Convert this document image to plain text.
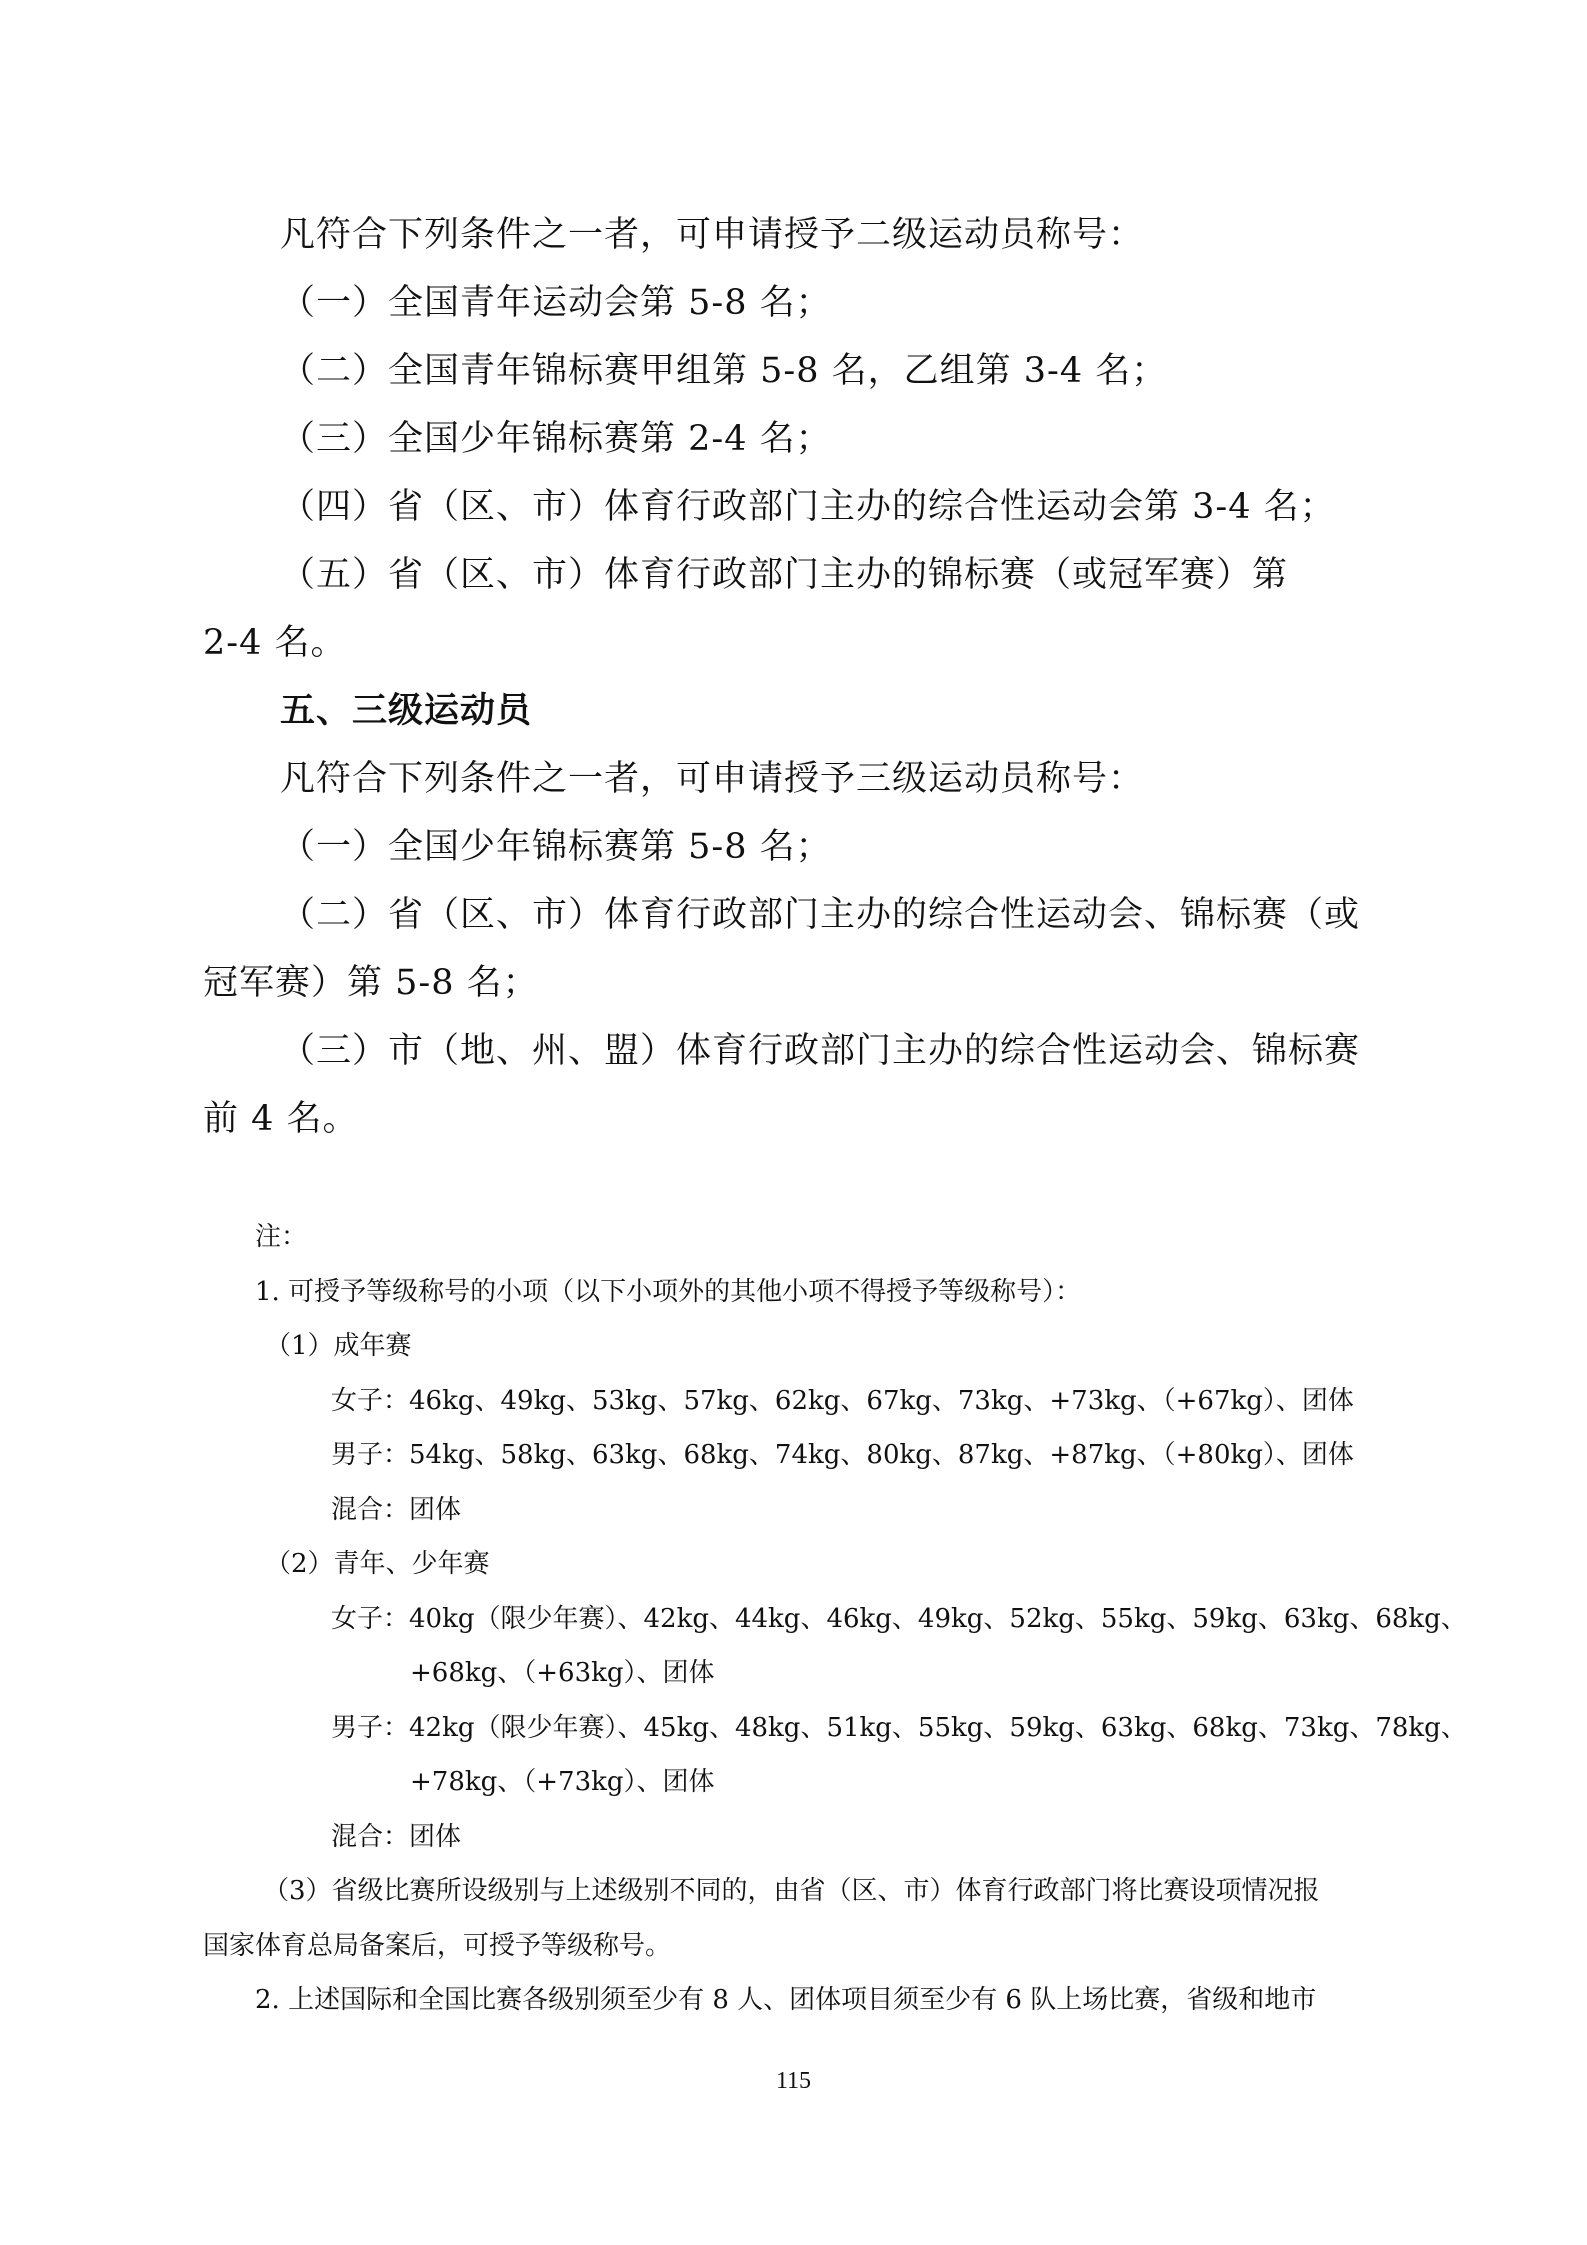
凡符合下列条件之一者，可申请授予二级运动员称号：

（一）全国青年运动会第 5-8 名；

（二）全国青年锦标赛甲组第 5-8 名，乙组第 3-4 名；

（三）全国少年锦标赛第 2-4 名；

（四）省（区、市）体育行政部门主办的综合性运动会第 3-4 名；

（五）省（区、市）体育行政部门主办的锦标赛（或冠军赛）第

2-4 名。

五、三级运动员

凡符合下列条件之一者，可申请授予三级运动员称号：

（一）全国少年锦标赛第 5-8 名；

（二）省（区、市）体育行政部门主办的综合性运动会、锦标赛（或

冠军赛）第 5-8 名；

（三）市（地、州、盟）体育行政部门主办的综合性运动会、锦标赛

前 4 名。

注：

1. 可授予等级称号的小项（以下小项外的其他小项不得授予等级称号）：

（1）成年赛

女子：46kg、49kg、53kg、57kg、62kg、67kg、73kg、+73kg、（+67kg）、团体

男子：54kg、58kg、63kg、68kg、74kg、80kg、87kg、+87kg、（+80kg）、团体

混合：团体

（2）青年、少年赛

女子：40kg（限少年赛）、42kg、44kg、46kg、49kg、52kg、55kg、59kg、63kg、68kg、

+68kg、（+63kg）、团体

男子：42kg（限少年赛）、45kg、48kg、51kg、55kg、59kg、63kg、68kg、73kg、78kg、

+78kg、（+73kg）、团体

混合：团体

（3）省级比赛所设级别与上述级别不同的，由省（区、市）体育行政部门将比赛设项情况报

国家体育总局备案后，可授予等级称号。

2. 上述国际和全国比赛各级别须至少有 8 人、团体项目须至少有 6 队上场比赛，省级和地市

115
